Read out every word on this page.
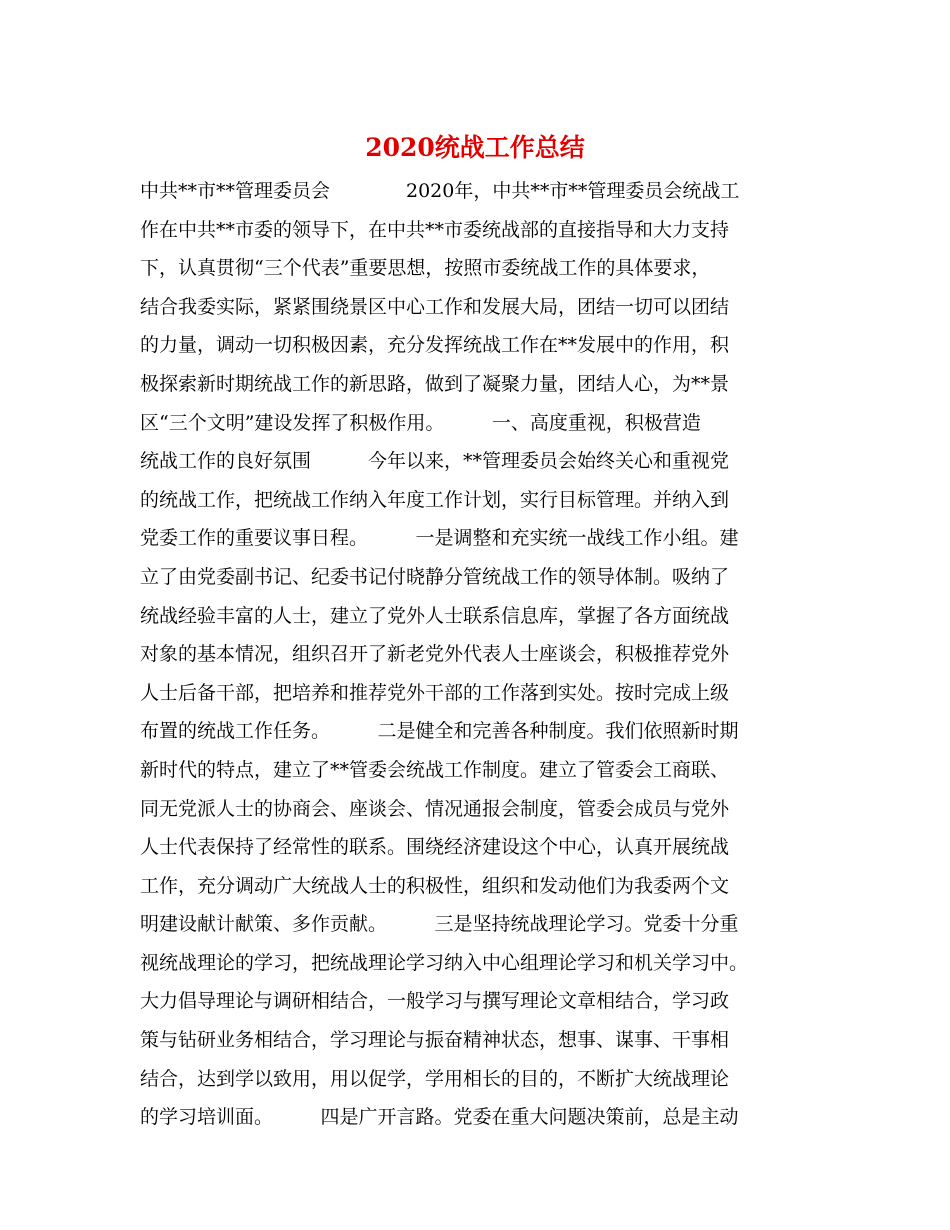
2020统战工作总结
中共**市**管理委员会　　　　2020年，中共**市**管理委员会统战工
作在中共**市委的领导下，在中共**市委统战部的直接指导和大力支持
下，认真贯彻“三个代表”重要思想，按照市委统战工作的具体要求，
结合我委实际，紧紧围绕景区中心工作和发展大局，团结一切可以团结
的力量，调动一切积极因素，充分发挥统战工作在**发展中的作用，积
极探索新时期统战工作的新思路，做到了凝聚力量，团结人心，为**景
区“三个文明”建设发挥了积极作用。　　　一、高度重视，积极营造
统战工作的良好氛围　　　今年以来，**管理委员会始终关心和重视党
的统战工作，把统战工作纳入年度工作计划，实行目标管理。并纳入到
党委工作的重要议事日程。　　　一是调整和充实统一战线工作小组。建
立了由党委副书记、纪委书记付晓静分管统战工作的领导体制。吸纳了
统战经验丰富的人士，建立了党外人士联系信息库，掌握了各方面统战
对象的基本情况，组织召开了新老党外代表人士座谈会，积极推荐党外
人士后备干部，把培养和推荐党外干部的工作落到实处。按时完成上级
布置的统战工作任务。　　　二是健全和完善各种制度。我们依照新时期
新时代的特点，建立了**管委会统战工作制度。建立了管委会工商联、
同无党派人士的协商会、座谈会、情况通报会制度，管委会成员与党外
人士代表保持了经常性的联系。围绕经济建设这个中心，认真开展统战
工作，充分调动广大统战人士的积极性，组织和发动他们为我委两个文
明建设献计献策、多作贡献。　　　三是坚持统战理论学习。党委十分重
视统战理论的学习，把统战理论学习纳入中心组理论学习和机关学习中。
大力倡导理论与调研相结合，一般学习与撰写理论文章相结合，学习政
策与钻研业务相结合，学习理论与振奋精神状态，想事、谋事、干事相
结合，达到学以致用，用以促学，学用相长的目的，不断扩大统战理论
的学习培训面。　　　四是广开言路。党委在重大问题决策前，总是主动
